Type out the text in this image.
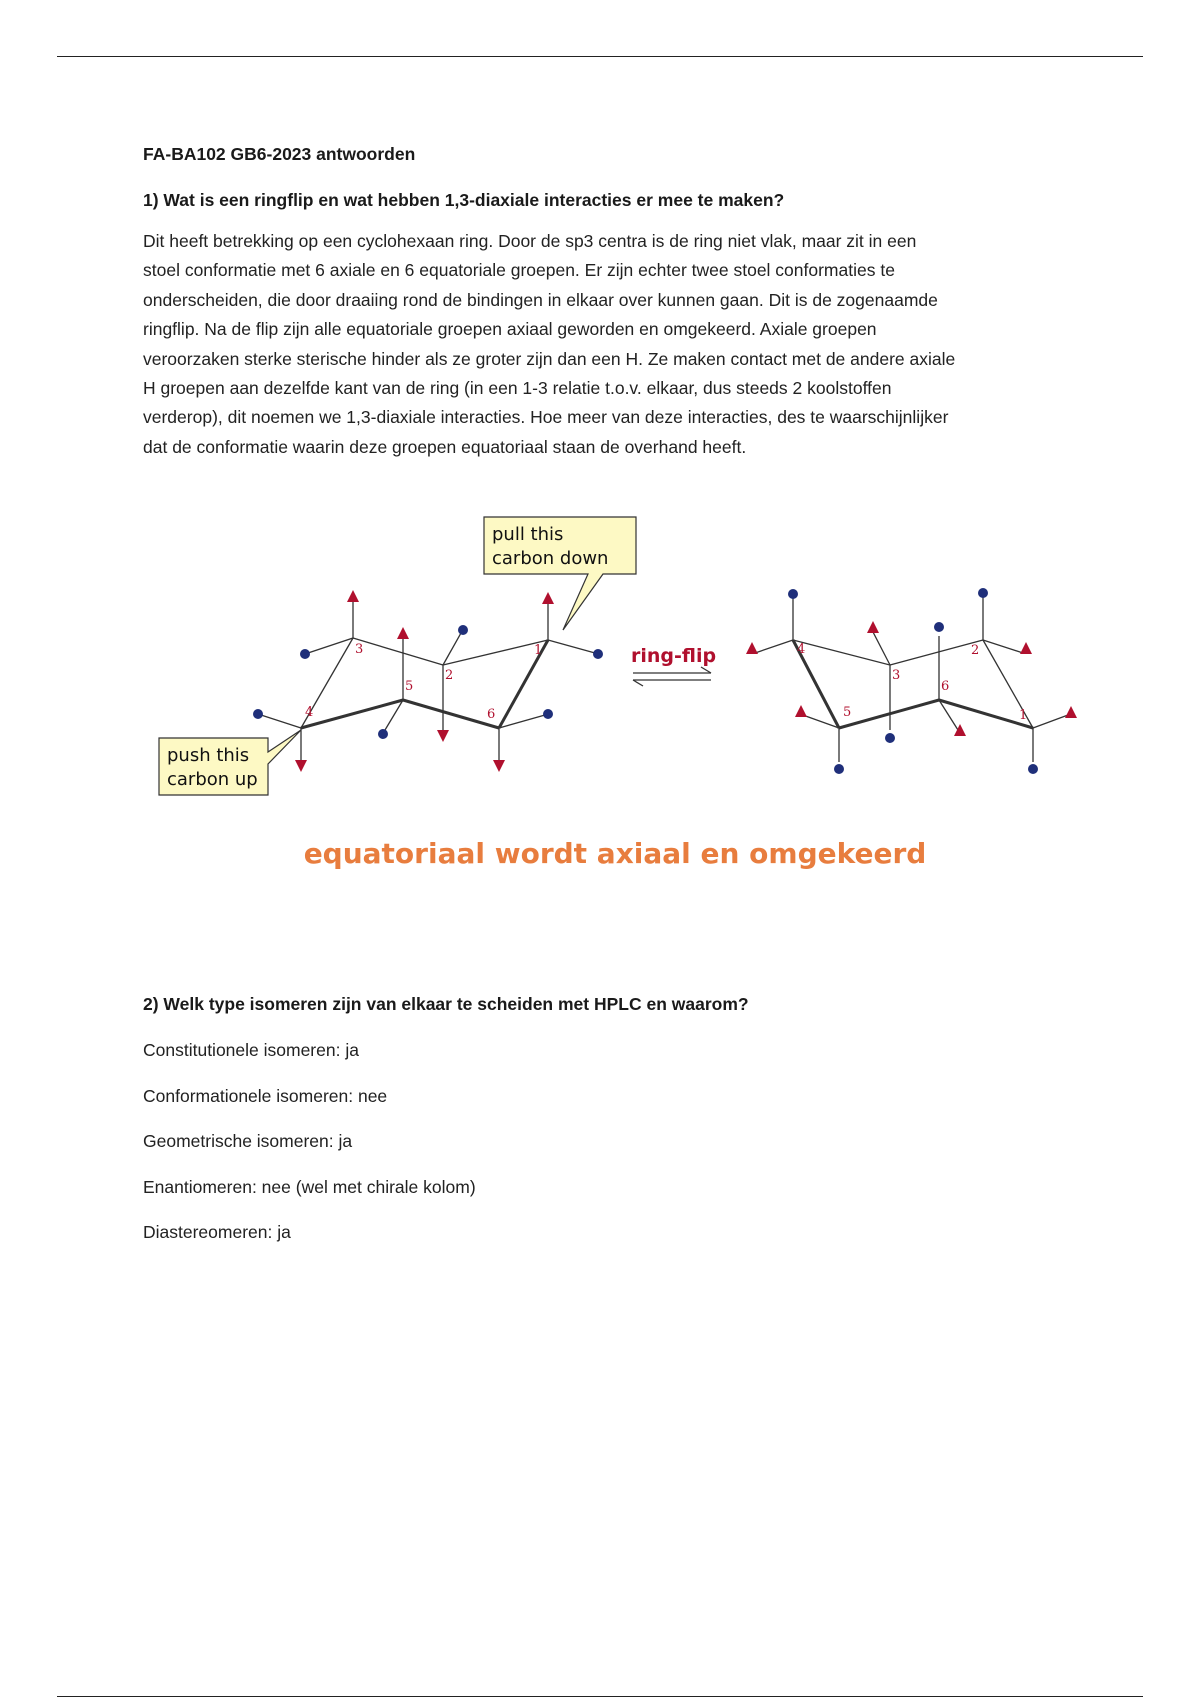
FA-BA102 GB6-2023 antwoorden

1) Wat is een ringflip en wat hebben 1,3-diaxiale interacties er mee te maken?

Dit heeft betrekking op een cyclohexaan ring. Door de sp3 centra is de ring niet vlak, maar zit in een

stoel conformatie met 6 axiale en 6 equatoriale groepen. Er zijn echter twee stoel conformaties te

onderscheiden, die door draaiing rond de bindingen in elkaar over kunnen gaan. Dit is de zogenaamde

ringflip. Na de flip zijn alle equatoriale groepen axiaal geworden en omgekeerd. Axiale groepen

veroorzaken sterke sterische hinder als ze groter zijn dan een H. Ze maken contact met de andere axiale

H groepen aan dezelfde kant van de ring (in een 1-3 relatie t.o.v. elkaar, dus steeds 2 koolstoffen

verderop), dit noemen we 1,3-diaxiale interacties. Hoe meer van deze interacties, des te waarschijnlijker

dat de conformatie waarin deze groepen equatoriaal staan de overhand heeft.

3
2
1
5
4	6
pull this
carbon down
push this
carbon up
ring-flip	4
3
2
6
5	1
equatoriaal wordt axiaal en omgekeerd

2) Welk type isomeren zijn van elkaar te scheiden met HPLC en waarom?

Constitutionele isomeren: ja
Conformationele isomeren: nee
Geometrische isomeren: ja
Enantiomeren: nee (wel met chirale kolom)
Diastereomeren: ja
